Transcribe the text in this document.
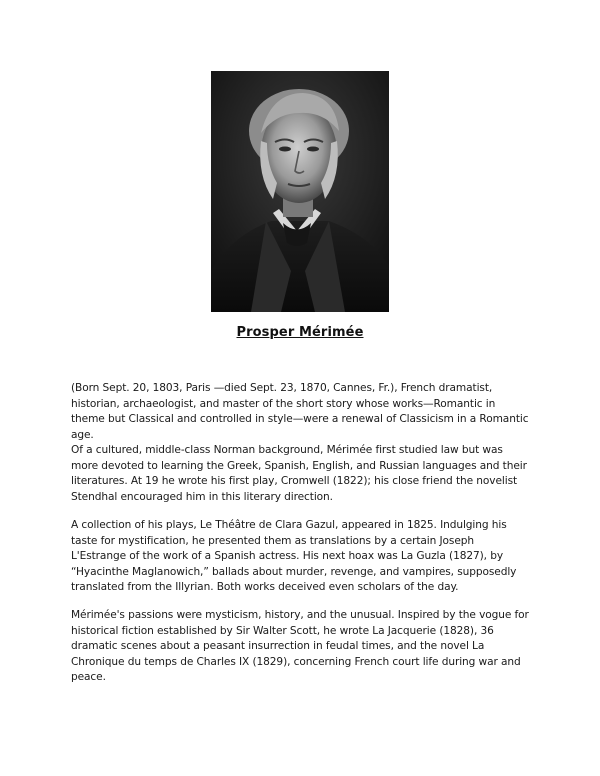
Prosper Mérimée

(Born Sept. 20, 1803, Paris —died Sept. 23, 1870, Cannes, Fr.), French dramatist, historian, archaeologist, and master of the short story whose works—Romantic in theme but Classical and controlled in style—were a renewal of Classicism in a Romantic age.

Of a cultured, middle-class Norman background, Mérimée first studied law but was more devoted to learning the Greek, Spanish, English, and Russian languages and their literatures. At 19 he wrote his first play, Cromwell (1822); his close friend the novelist Stendhal encouraged him in this literary direction.

A collection of his plays, Le Théâtre de Clara Gazul, appeared in 1825. Indulging his taste for mystification, he presented them as translations by a certain Joseph L'Estrange of the work of a Spanish actress. His next hoax was La Guzla (1827), by “Hyacinthe Maglanowich,” ballads about murder, revenge, and vampires, supposedly translated from the Illyrian. Both works deceived even scholars of the day.

Mérimée's passions were mysticism, history, and the unusual. Inspired by the vogue for historical fiction established by Sir Walter Scott, he wrote La Jacquerie (1828), 36 dramatic scenes about a peasant insurrection in feudal times, and the novel La Chronique du temps de Charles IX (1829), concerning French court life during war and peace.
